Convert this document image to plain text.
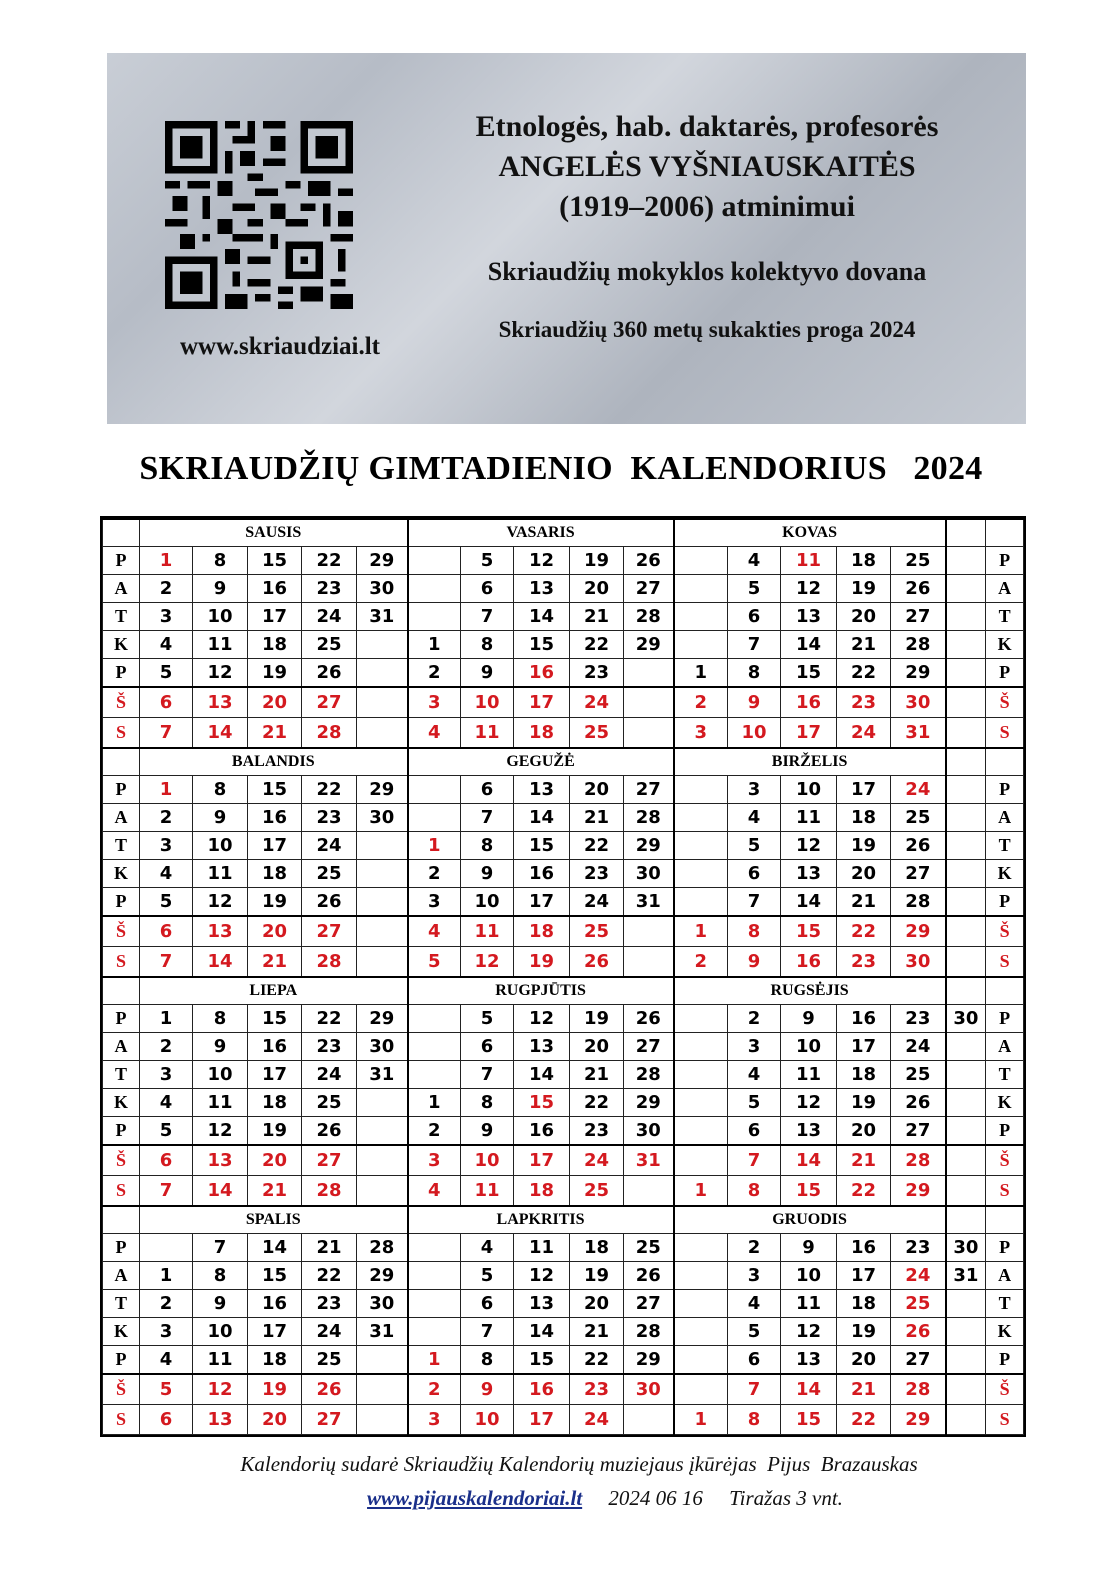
www.skriaudziai.lt
Etnologės, hab. daktarės, profesorės
ANGELĖS VYŠNIAUSKAITĖS
(1919–2006) atminimui
Skriaudžių mokyklos kolektyvo dovana
Skriaudžių 360 metų sukakties proga 2024
SKRIAUDŽIŲ GIMTADIENIO  KALENDORIUS   2024
	SAUSIS					VASARIS					KOVAS						
P	1	8	15	22	29		5	12	19	26		4	11	18	25		P
A	2	9	16	23	30		6	13	20	27		5	12	19	26		A
T	3	10	17	24	31		7	14	21	28		6	13	20	27		T
K	4	11	18	25		1	8	15	22	29		7	14	21	28		K
P	5	12	19	26		2	9	16	23		1	8	15	22	29		P
Š	6	13	20	27		3	10	17	24		2	9	16	23	30		Š
S	7	14	21	28		4	11	18	25		3	10	17	24	31		S
	BALANDIS					GEGUŽĖ					BIRŽELIS						
P	1	8	15	22	29		6	13	20	27		3	10	17	24		P
A	2	9	16	23	30		7	14	21	28		4	11	18	25		A
T	3	10	17	24		1	8	15	22	29		5	12	19	26		T
K	4	11	18	25		2	9	16	23	30		6	13	20	27		K
P	5	12	19	26		3	10	17	24	31		7	14	21	28		P
Š	6	13	20	27		4	11	18	25		1	8	15	22	29		Š
S	7	14	21	28		5	12	19	26		2	9	16	23	30		S
	LIEPA					RUGPJŪTIS					RUGSĖJIS						
P	1	8	15	22	29		5	12	19	26		2	9	16	23	30	P
A	2	9	16	23	30		6	13	20	27		3	10	17	24		A
T	3	10	17	24	31		7	14	21	28		4	11	18	25		T
K	4	11	18	25		1	8	15	22	29		5	12	19	26		K
P	5	12	19	26		2	9	16	23	30		6	13	20	27		P
Š	6	13	20	27		3	10	17	24	31		7	14	21	28		Š
S	7	14	21	28		4	11	18	25		1	8	15	22	29		S
	SPALIS					LAPKRITIS					GRUODIS						
P		7	14	21	28		4	11	18	25		2	9	16	23	30	P
A	1	8	15	22	29		5	12	19	26		3	10	17	24	31	A
T	2	9	16	23	30		6	13	20	27		4	11	18	25		T
K	3	10	17	24	31		7	14	21	28		5	12	19	26		K
P	4	11	18	25		1	8	15	22	29		6	13	20	27		P
Š	5	12	19	26		2	9	16	23	30		7	14	21	28		Š
S	6	13	20	27		3	10	17	24		1	8	15	22	29		S
Kalendorių sudarė Skriaudžių Kalendorių muziejaus įkūrėjas  Pijus  Brazauskas
www.pijauskalendoriai.lt 2024 06 16 Tiražas 3 vnt.
